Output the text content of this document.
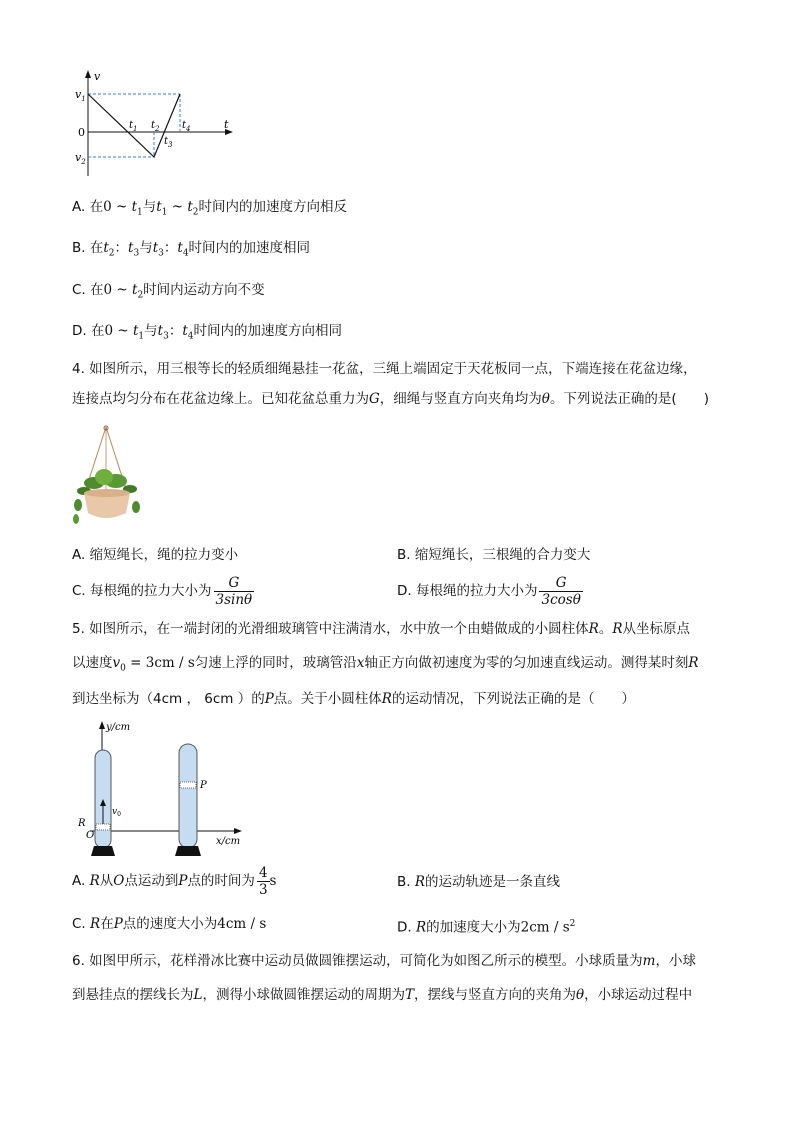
v
t
$v_1$
0
$v_2$
$t_1$ $t_2$
$t_3$
$t_4$
A. 在0 ~ $t_1$与$t_1$ ~ $t_2$时间内的加速度方向相反
B. 在$t_2$：$t_3$与$t_3$：$t_4$时间内的加速度相同
C. 在0 ~ $t_2$时间内运动方向不变
D. 在0 ~ $t_1$与$t_3$：$t_4$时间内的加速度方向相同
4. 如图所示，用三根等长的轻质细绳悬挂一花盆，三绳上端固定于天花板同一点，下端连接在花盆边缘，
连接点均匀分布在花盆边缘上。已知花盆总重力为G，细绳与竖直方向夹角均为θ。下列说法正确的是(　　)
A. 缩短绳长，绳的拉力变小	B. 缩短绳长，三根绳的合力变大
C. 每根绳的拉力大小为 $\frac{G}{3\sin\theta}$	D. 每根绳的拉力大小为 $\frac{G}{3\cos\theta}$
5. 如图所示，在一端封闭的光滑细玻璃管中注满清水，水中放一个由蜡做成的小圆柱体R。R从坐标原点
以速度$v_0 = 3cm / s$匀速上浮的同时，玻璃管沿x轴正方向做初速度为零的匀加速直线运动。测得某时刻R
到达坐标为（4cm ， 6cm ）的P点。关于小圆柱体R的运动情况，下列说法正确的是（　　）
y/cm
x/cm
P
R
O
$v_0$
A. R从O点运动到P点的时间为 $\frac{4}{3}$ s	B. R的运动轨迹是一条直线
C. R在P点的速度大小为4cm / s	D. R的加速度大小为$2cm / s^2$
6. 如图甲所示，花样滑冰比赛中运动员做圆锥摆运动，可简化为如图乙所示的模型。小球质量为m，小球
到悬挂点的摆线长为L，测得小球做圆锥摆运动的周期为T，摆线与竖直方向的夹角为θ，小球运动过程中
